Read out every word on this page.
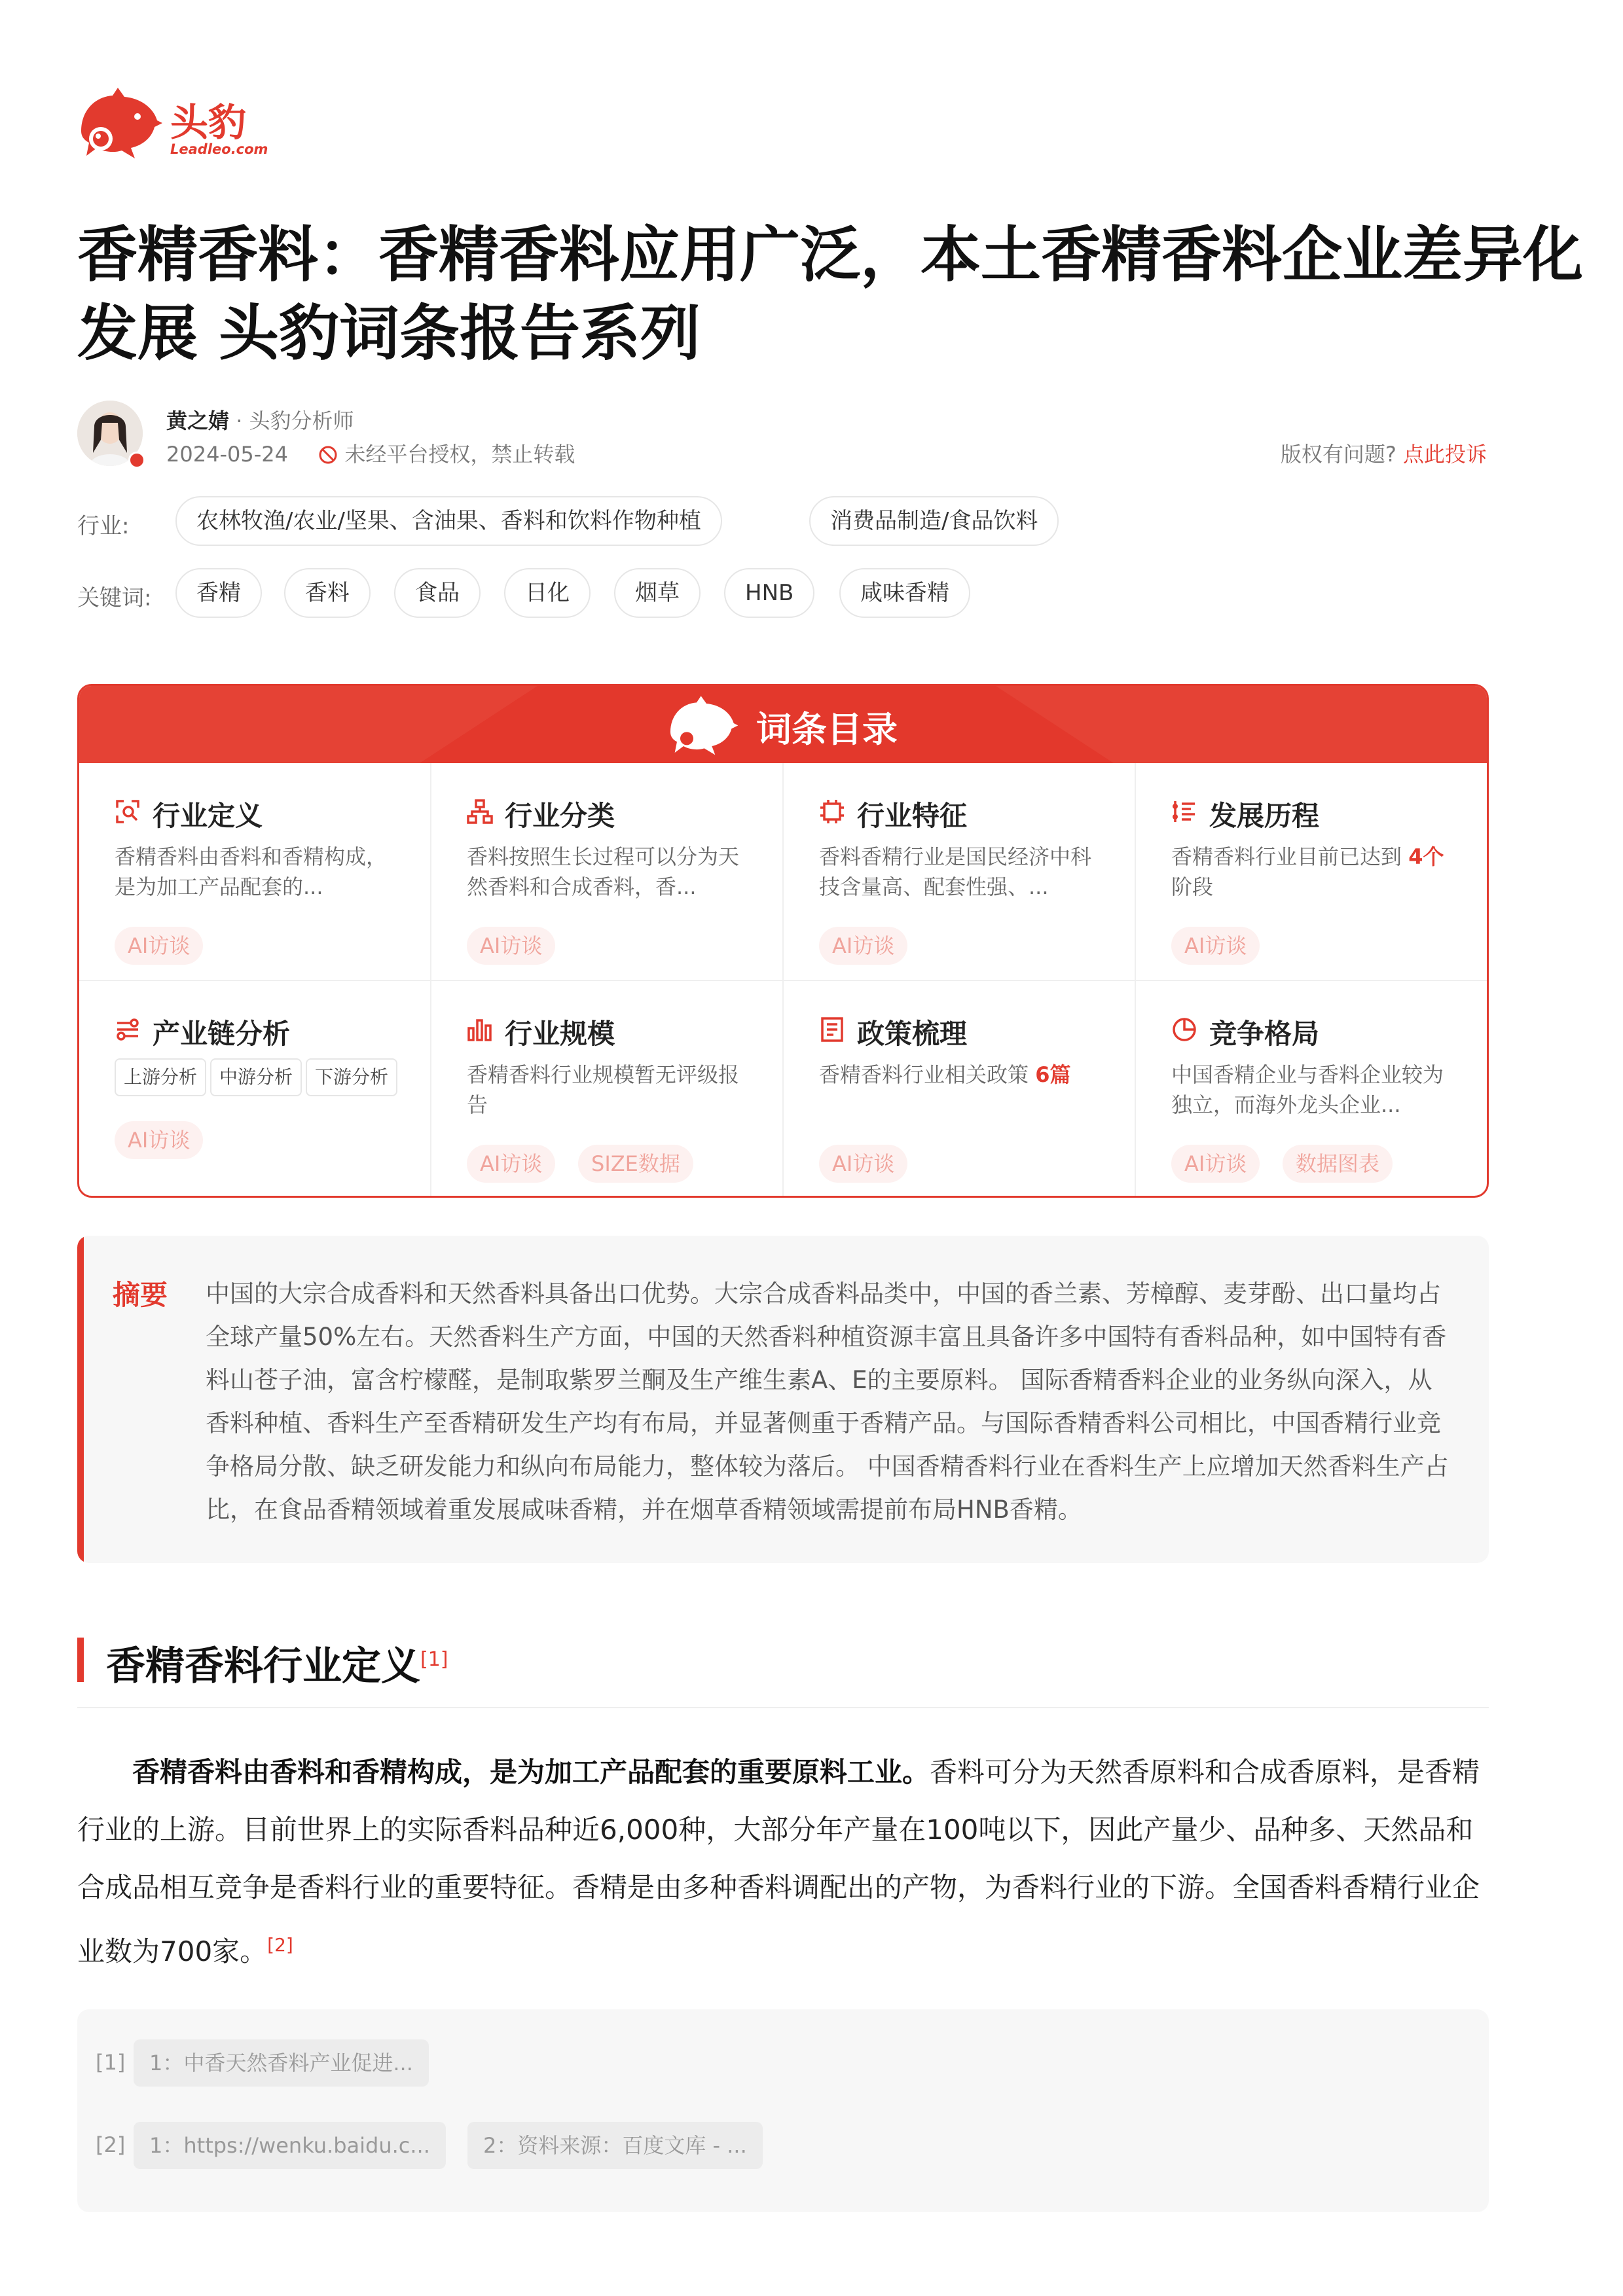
头豹
Leadleo.com
香精香料：香精香料应用广泛，本土香精香料企业差异化发展 头豹词条报告系列
黄之婧 · 头豹分析师
2024-05-24	未经平台授权，禁止转载	版权有问题? 点此投诉
行业:	农林牧渔/农业/坚果、含油果、香料和饮料作物种植	消费品制造/食品饮料
关键词:	香精	香料	食品	日化	烟草	HNB	咸味香精
词条目录
行业定义
香精香料由香料和香精构成，是为加工产品配套的...
AI访谈
行业分类
香料按照生长过程可以分为天然香料和合成香料，香...
AI访谈
行业特征
香料香精行业是国民经济中科技含量高、配套性强、...
AI访谈
发展历程
香精香料行业目前已达到 4个阶段
AI访谈
产业链分析
上游分析	中游分析	下游分析
AI访谈
行业规模
香精香料行业规模暂无评级报告
AI访谈	SIZE数据
政策梳理
香精香料行业相关政策 6篇
AI访谈
竞争格局
中国香精企业与香料企业较为独立，而海外龙头企业...
AI访谈	数据图表
摘要 中国的大宗合成香料和天然香料具备出口优势。大宗合成香料品类中，中国的香兰素、芳樟醇、麦芽酚、出口量均占全球产量50%左右。天然香料生产方面，中国的天然香料种植资源丰富且具备许多中国特有香料品种，如中国特有香料山苍子油，富含柠檬醛，是制取紫罗兰酮及生产维生素A、E的主要原料。 国际香精香料企业的业务纵向深入，从香料种植、香料生产至香精研发生产均有布局，并显著侧重于香精产品。与国际香精香料公司相比，中国香精行业竞争格局分散、缺乏研发能力和纵向布局能力，整体较为落后。 中国香精香料行业在香料生产上应增加天然香料生产占比，在食品香精领域着重发展咸味香精，并在烟草香精领域需提前布局HNB香精。
香精香料行业定义[1]

香精香料由香料和香精构成，是为加工产品配套的重要原料工业。香料可分为天然香原料和合成香原料，是香精行业的上游。目前世界上的实际香料品种近6,000种，大部分年产量在100吨以下，因此产量少、品种多、天然品和合成品相互竞争是香料行业的重要特征。香精是由多种香料调配出的产物，为香料行业的下游。全国香料香精行业企业数为700家。[2]

[1]	1：中香天然香料产业促进...
[2]	1：https://wenku.baidu.c...	2：资料来源：百度文库 - ...
